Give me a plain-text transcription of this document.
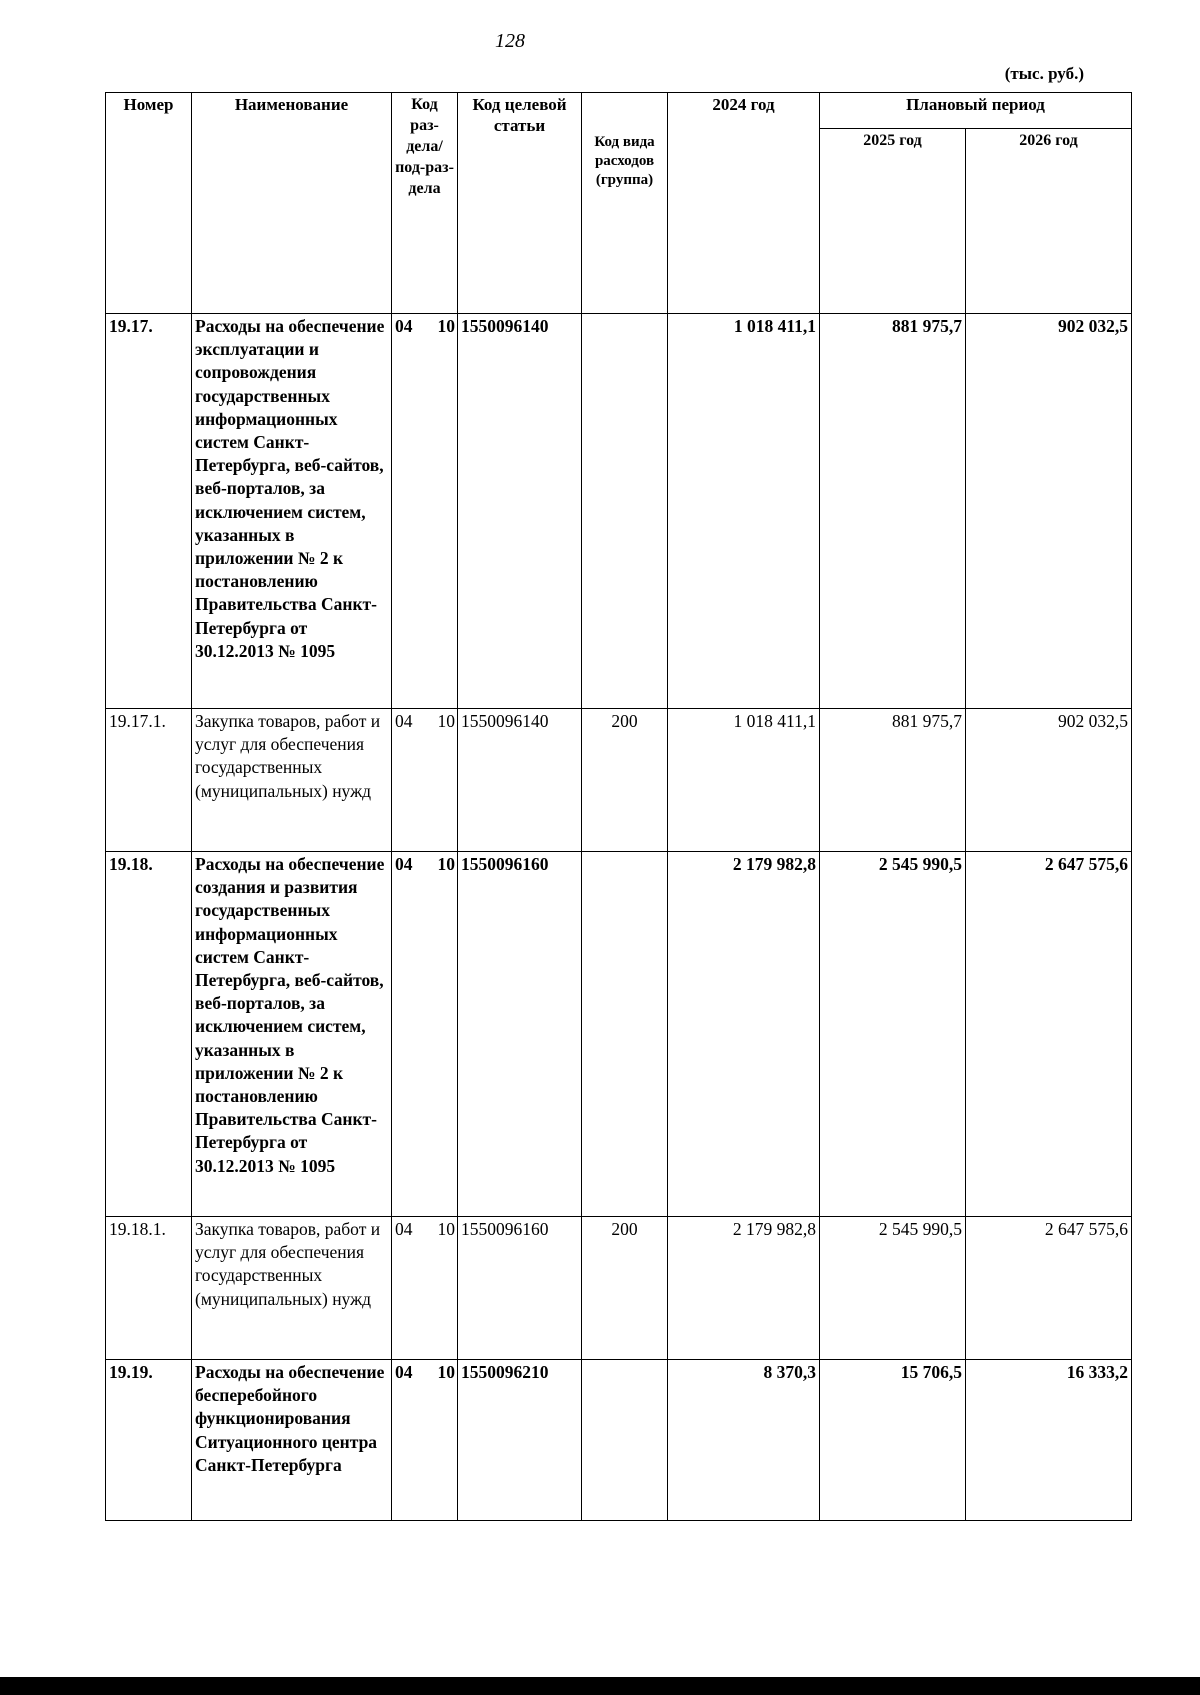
128
(тыс. руб.)
Номер	Наименование	Код раз-дела/ под-раз-дела	Код целевой статьи	Код вида расходов (группа)	2024 год	Плановый период	
						2025 год	2026 год
19.17.	Расходы на обеспечение эксплуатации и сопровождения государственных информационных систем Санкт-Петербурга, веб-сайтов, веб-порталов, за исключением систем, указанных в приложении № 2 к постановлению Правительства Санкт-Петербурга от 30.12.2013 № 1095	04 10	1550096140		1 018 411,1	881 975,7	902 032,5
19.17.1.	Закупка товаров, работ и услуг для обеспечения государственных (муниципальных) нужд	04 10	1550096140	200	1 018 411,1	881 975,7	902 032,5
19.18.	Расходы на обеспечение создания и развития государственных информационных систем Санкт-Петербурга, веб-сайтов, веб-порталов, за исключением систем, указанных в приложении № 2 к постановлению Правительства Санкт-Петербурга от 30.12.2013 № 1095	04 10	1550096160		2 179 982,8	2 545 990,5	2 647 575,6
19.18.1.	Закупка товаров, работ и услуг для обеспечения государственных (муниципальных) нужд	04 10	1550096160	200	2 179 982,8	2 545 990,5	2 647 575,6
19.19.	Расходы на обеспечение бесперебойного функционирования Ситуационного центра Санкт-Петербурга	04 10	1550096210		8 370,3	15 706,5	16 333,2
